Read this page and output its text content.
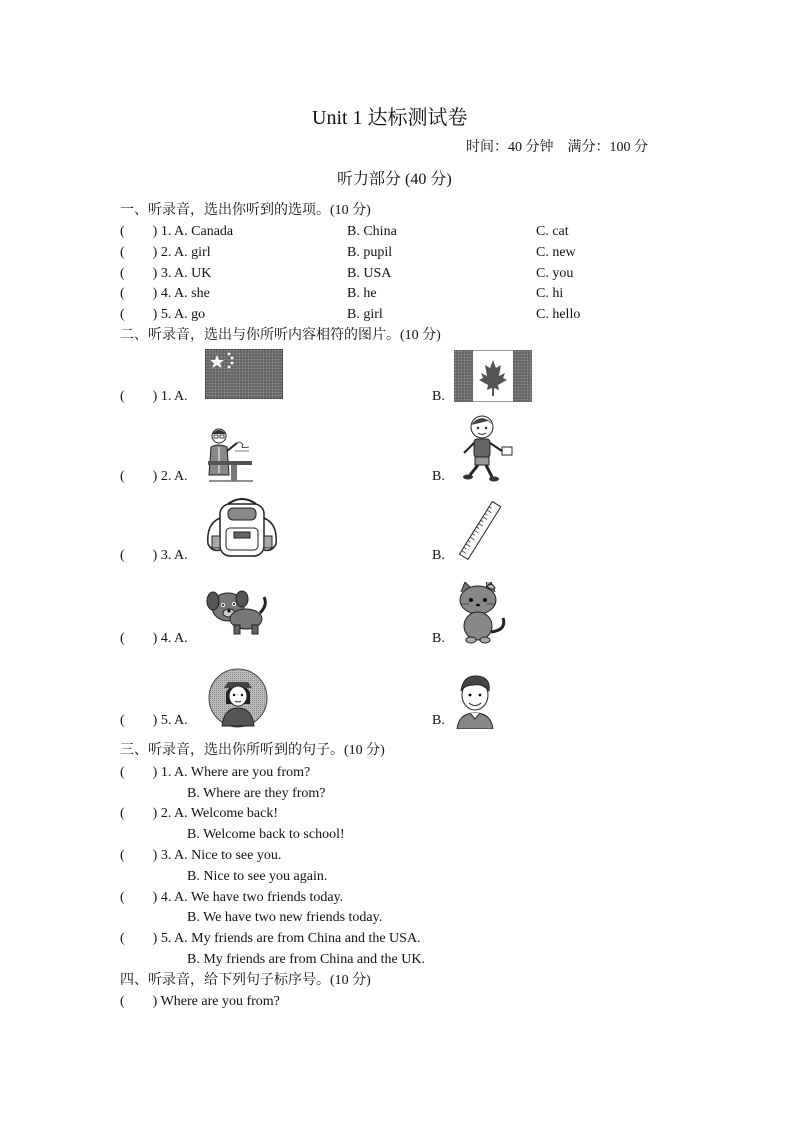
Unit 1 达标测试卷
时间：40 分钟　满分：100 分
听力部分 (40 分)
一、听录音，选出你听到的选项。(10 分)
(　　) 1. A. Canada	B. China	C. cat
(　　) 2. A. girl	B. pupil	C. new
(　　) 3. A. UK	B. USA	C. you
(　　) 4. A. she	B. he	C. hi
(　　) 5. A. go	B. girl	C. hello
二、听录音，选出与你所听内容相符的图片。(10 分)
(　　) 1. A.	B.
(　　) 2. A.	B.
(　　) 3. A.	B.
(　　) 4. A.	B.
(　　) 5. A.	B.
三、听录音，选出你所听到的句子。(10 分)
(　　) 1. A. Where are you from?
B. Where are they from?
(　　) 2. A. Welcome back!
B. Welcome back to school!
(　　) 3. A. Nice to see you.
B. Nice to see you again.
(　　) 4. A. We have two friends today.
B. We have two new friends today.
(　　) 5. A. My friends are from China and the USA.
B. My friends are from China and the UK.
四、听录音，给下列句子标序号。(10 分)
(　　) Where are you from?
